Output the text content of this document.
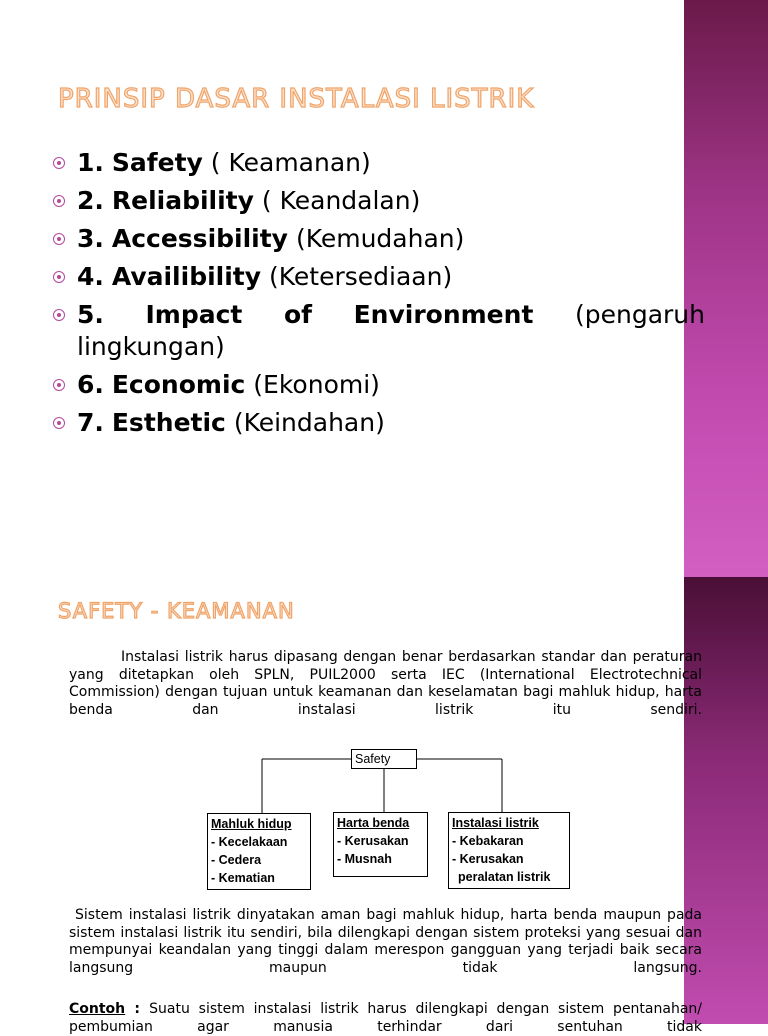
PRINSIP DASAR INSTALASI LISTRIK
1. Safety ( Keamanan)
2. Reliability ( Keandalan)
3. Accessibility (Kemudahan)
4. Availibility (Ketersediaan)
5. Impact of Environment (pengaruh
lingkungan)
6. Economic (Ekonomi)
7. Esthetic (Keindahan)
SAFETY - KEAMANAN

Instalasi listrik harus dipasang dengan benar berdasarkan standar dan peraturan yang ditetapkan oleh SPLN, PUIL2000 serta IEC (International Electrotechnical Commission) dengan tujuan untuk keamanan dan keselamatan bagi mahluk hidup, harta benda dan instalasi listrik itu sendiri.

Safety
Mahluk hidup
- Kecelakaan
- Cedera
- Kematian
Harta benda
- Kerusakan
- Musnah
Instalasi listrik
- Kebakaran
- Kerusakan
peralatan listrik

Sistem instalasi listrik dinyatakan aman bagi mahluk hidup, harta benda maupun pada sistem instalasi listrik itu sendiri, bila dilengkapi dengan sistem proteksi yang sesuai dan mempunyai keandalan yang tinggi dalam merespon gangguan yang terjadi baik secara langsung maupun tidak langsung.

Contoh : Suatu sistem instalasi listrik harus dilengkapi dengan sistem pentanahan/ pembumian agar manusia terhindar dari sentuhan tidak
